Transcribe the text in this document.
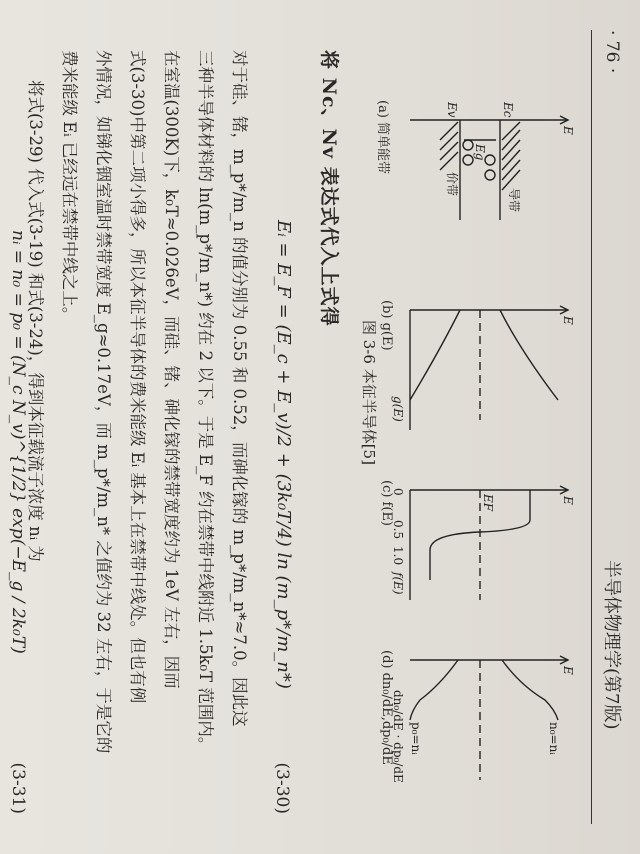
· 76 ·
半导体物理学(第7版)
E
Ec
Ev
Eg
导带
价带
E
g(E)
E
EF
0
0.5
1.0
f(E)
E
n₀=nᵢ
p₀=nᵢ
dn₀/dE · dp₀/dE
(a) 简单能带
(b) g(E)
(c) f(E)
(d) dn₀/dE,dp₀/dE
图 3-6 本征半导体[5]
将 Nc、Nv 表达式代入上式得
Eᵢ = E_F = (E_c + E_v)/2 + (3k₀T/4) ln (m_p*/m_n*)
(3-30)
对于硅、锗，m_p*/m_n 的值分别为 0.55 和 0.52，而砷化镓的 m_p*/m_n*≈7.0。因此这
三种半导体材料的 ln(m_p*/m_n*) 约在 2 以下。于是 E_F 约在禁带中线附近 1.5k₀T 范围内。
在室温(300K)下，k₀T≈0.026eV，而硅、锗、砷化镓的禁带宽度约为 1eV 左右，因而
式(3-30)中第二项小得多，所以本征半导体的费米能级 Eᵢ 基本上在禁带中线处。但也有例
外情况，如锑化铟室温时禁带宽度 E_g≈0.17eV，而 m_p*/m_n* 之值约为 32 左右，于是它的
费米能级 Eᵢ 已经远在禁带中线之上。
将式(3-29) 代入式(3-19) 和式(3-24)，得到本征载流子浓度 nᵢ 为
nᵢ = n₀ = p₀ = (N_c N_v)^{1/2} exp(−E_g / 2k₀T)
(3-31)
